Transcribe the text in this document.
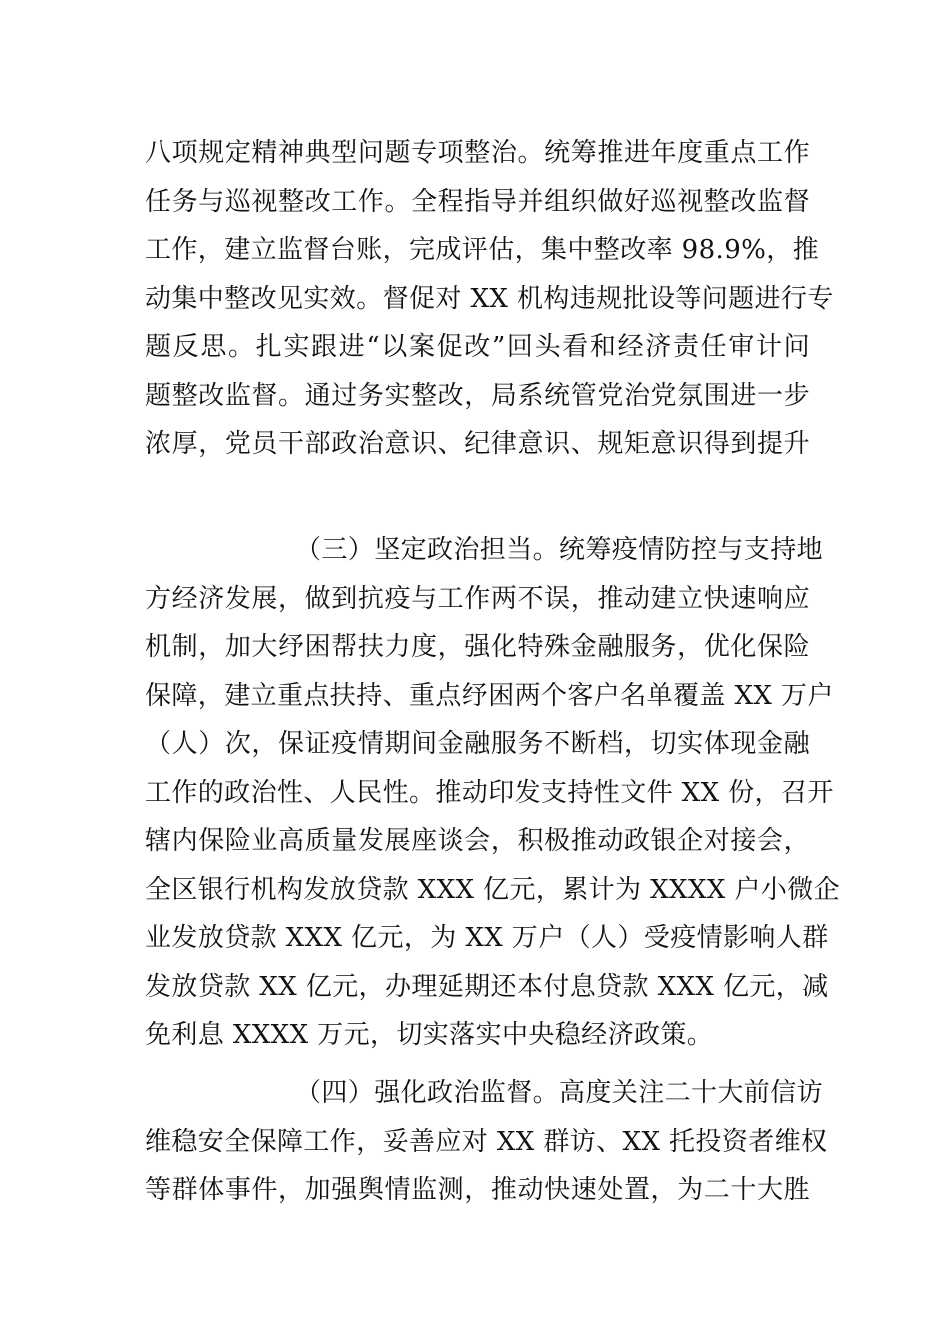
八项规定精神典型问题专项整治。统筹推进年度重点工作
任务与巡视整改工作。全程指导并组织做好巡视整改监督
工作，建立监督台账，完成评估，集中整改率 98.9%，推
动集中整改见实效。督促对 XX 机构违规批设等问题进行专
题反思。扎实跟进“以案促改”回头看和经济责任审计问
题整改监督。通过务实整改，局系统管党治党氛围进一步
浓厚，党员干部政治意识、纪律意识、规矩意识得到提升
（三）坚定政治担当。统筹疫情防控与支持地
方经济发展，做到抗疫与工作两不误，推动建立快速响应
机制，加大纾困帮扶力度，强化特殊金融服务，优化保险
保障，建立重点扶持、重点纾困两个客户名单覆盖 XX 万户
（人）次，保证疫情期间金融服务不断档，切实体现金融
工作的政治性、人民性。推动印发支持性文件 XX 份，召开
辖内保险业高质量发展座谈会，积极推动政银企对接会，
全区银行机构发放贷款 XXX 亿元，累计为 XXXX 户小微企
业发放贷款 XXX 亿元，为 XX 万户（人）受疫情影响人群
发放贷款 XX 亿元，办理延期还本付息贷款 XXX 亿元，减
免利息 XXXX 万元，切实落实中央稳经济政策。
（四）强化政治监督。高度关注二十大前信访
维稳安全保障工作，妥善应对 XX 群访、XX 托投资者维权
等群体事件，加强舆情监测，推动快速处置，为二十大胜
